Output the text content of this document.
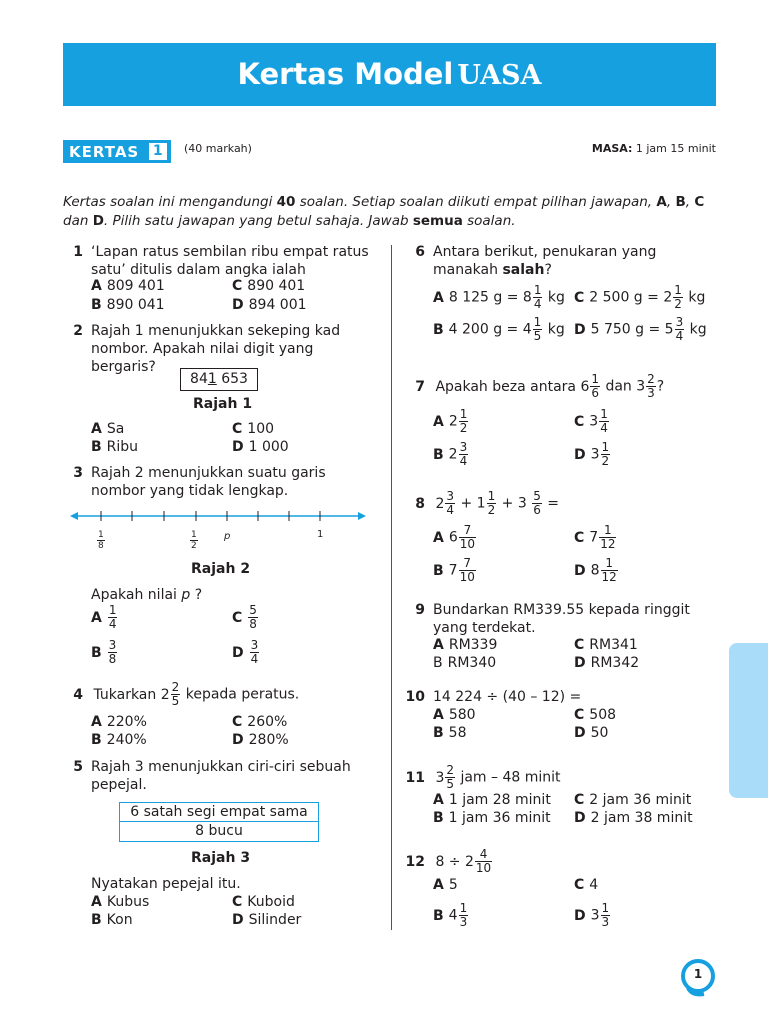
Kertas Model UASA
KERTAS 1	(40 markah)	MASA: 1 jam 15 minit
Kertas soalan ini mengandungi 40 soalan. Setiap soalan diikuti empat pilihan jawapan, A, B, C dan D. Pilih satu jawapan yang betul sahaja. Jawab semua soalan.
1 ‘Lapan ratus sembilan ribu empat ratus satu’ ditulis dalam angka ialah
A 809 401
B 890 041
C 890 401
D 894 001
2 Rajah 1 menunjukkan sekeping kad nombor. Apakah nilai digit yang bergaris?
841 653
Rajah 1
A Sa
B Ribu
C 100
D 1 000
3 Rajah 2 menunjukkan suatu garis nombor yang tidak lengkap.
$\frac{1}{8}$	$\frac{1}{2}$	p	1
Rajah 2
Apakah nilai p ?
A $\frac{1}{4}$
B $\frac{3}{8}$
C $\frac{5}{8}$
D $\frac{3}{4}$
4 Tukarkan $2 \frac{2}{5}$ kepada peratus.
A 220%
B 240%
C 260%
D 280%
5 Rajah 3 menunjukkan ciri-ciri sebuah pepejal.
6 satah segi empat sama
8 bucu
Rajah 3
Nyatakan pepejal itu.
A Kubus
B Kon
C Kuboid
D Silinder
6 Antara berikut, penukaran yang manakah salah?
A 8 125 $g = 8 \frac{1}{4}$ kg
B 4 200 $g = 4 \frac{1}{5}$ kg
C 2 500 $g = 2 \frac{1}{2}$ kg
D 5 750 $g = 5 \frac{3}{4}$ kg
7 Apakah beza antara $6 \frac{1}{6}$ dan $3 \frac{2}{3}$ ?
A $2 \frac{1}{2}$
B $2 \frac{3}{4}$
C $3 \frac{1}{4}$
D $3 \frac{1}{2}$
8 $2 \frac{3}{4} + 1 \frac{1}{2} + 3 \frac{5}{6}$ =
A $6 \frac{7}{10}$
B $7 \frac{7}{10}$
C $7 \frac{1}{12}$
D $8 \frac{1}{12}$
9 Bundarkan RM339.55 kepada ringgit yang terdekat.
A RM339
B RM340
C RM341
D RM342
10 14 224 ÷ (40 – 12) =
A 580
B 58
C 508
D 50
11 $3 \frac{2}{5}$ jam – 48 minit
A 1 jam 28 minit
B 1 jam 36 minit
C 2 jam 36 minit
D 2 jam 38 minit
12 $8 \div 2 \frac{4}{10}$
A 5
B $4 \frac{1}{3}$
C 4
D $3 \frac{1}{3}$
1
